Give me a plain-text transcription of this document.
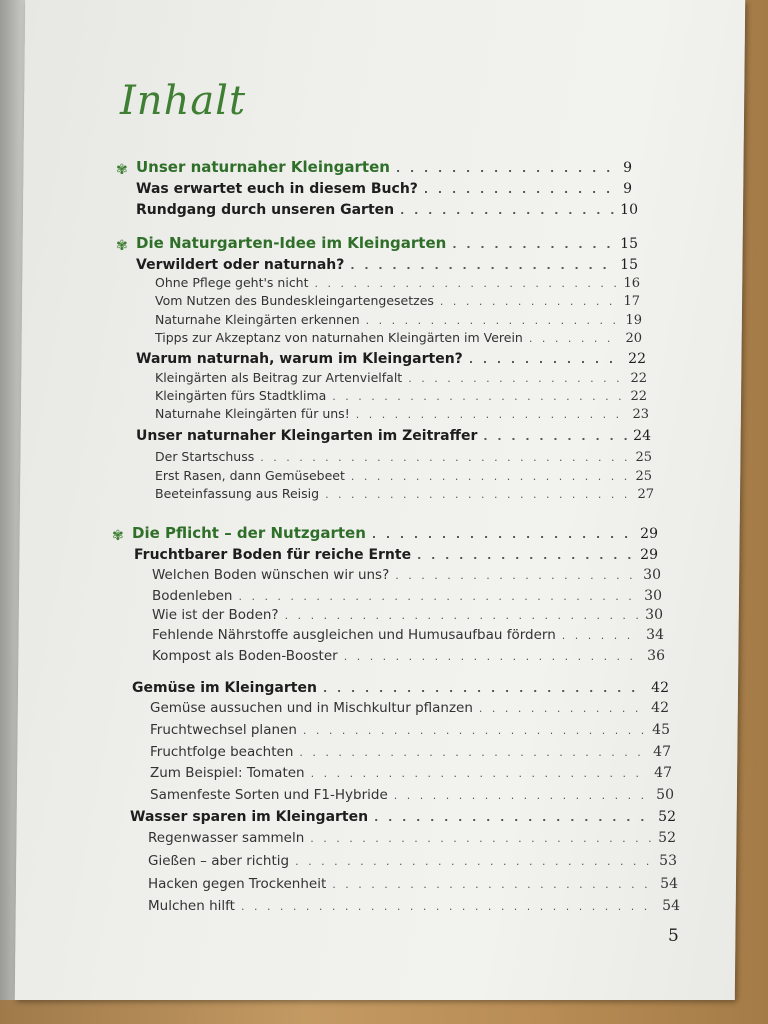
Inhalt
✾ Unser naturnaher Kleingarten . . .	9
Was erwartet euch in diesem Buch? . . .	9
Rundgang durch unseren Garten . . .	10
✾ Die Naturgarten-Idee im Kleingarten . . .	15
Verwildert oder naturnah? . . .	15
Ohne Pflege geht's nicht . . .	16
Vom Nutzen des Bundeskleingartengesetzes . . .	17
Naturnahe Kleingärten erkennen . . .	19
Tipps zur Akzeptanz von naturnahen Kleingärten im Verein . . .	20
Warum naturnah, warum im Kleingarten? . . .	22
Kleingärten als Beitrag zur Artenvielfalt . . .	22
Kleingärten fürs Stadtklima . . .	22
Naturnahe Kleingärten für uns! . . .	23
Unser naturnaher Kleingarten im Zeitraffer . . .	24
Der Startschuss . . .	25
Erst Rasen, dann Gemüsebeet . . .	25
Beeteinfassung aus Reisig . . .	27
✾ Die Pflicht – der Nutzgarten . . .	29
Fruchtbarer Boden für reiche Ernte . . .	29
Welchen Boden wünschen wir uns? . . .	30
Bodenleben . . .	30
Wie ist der Boden? . . .	30
Fehlende Nährstoffe ausgleichen und Humusaufbau fördern . . .	34
Kompost als Boden-Booster . . .	36
Gemüse im Kleingarten . . .	42
Gemüse aussuchen und in Mischkultur pflanzen . . .	42
Fruchtwechsel planen . . .	45
Fruchtfolge beachten . . .	47
Zum Beispiel: Tomaten . . .	47
Samenfeste Sorten und F1-Hybride . . .	50
Wasser sparen im Kleingarten . . .	52
Regenwasser sammeln . . .	52
Gießen – aber richtig . . .	53
Hacken gegen Trockenheit . . .	54
Mulchen hilft . . .	54
5
